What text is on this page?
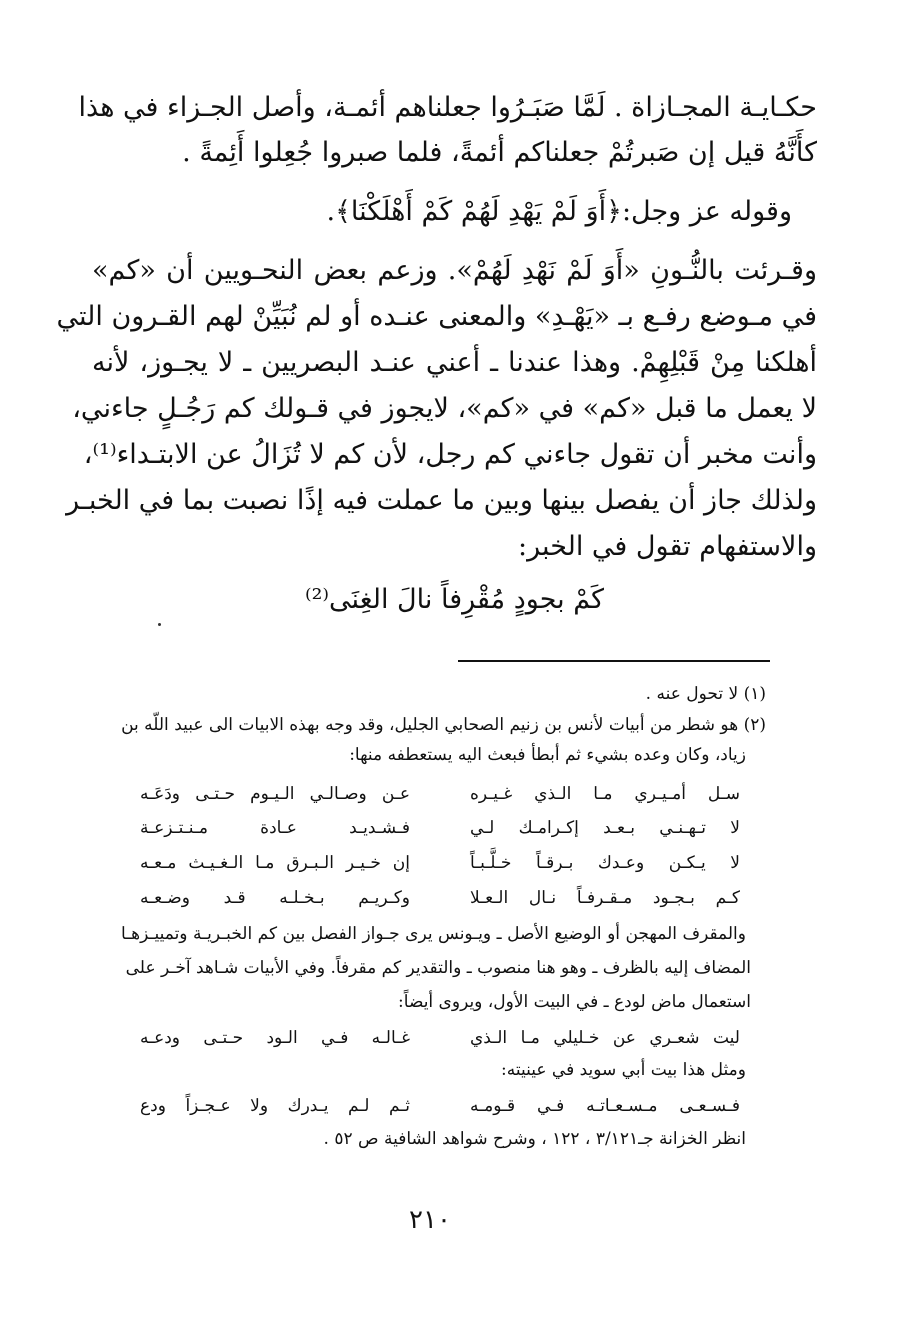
حكـايـة المجـازاة . لَمَّا صَبَـرُوا جعلناهم أئمـة، وأصل الجـزاء في هذا
كأَنَّهُ قيل إن صَبرتُمْ جعلناكم أئمةً، فلما صبروا جُعِلوا أَئِمةً .
وقوله عز وجل:﴿أَوَ لَمْ يَهْدِ لَهُمْ كَمْ أَهْلَكْنَا﴾.
وقـرئت بالنُّـونِ «أَوَ لَمْ نَهْدِ لَهُمْ». وزعم بعض النحـويين أن «كم»
في مـوضع رفـع بـ «يَهْـدِ» والمعنى عنـده أو لم نُبَيِّنْ لهم القـرون التي
أهلكنا مِنْ قَبْلِهِمْ. وهذا عندنا ـ أعني عنـد البصريين ـ لا يجـوز، لأنه
لا يعمل ما قبل «كم» في «كم»، لايجوز في قـولك كم رَجُـلٍ جاءني،
وأنت مخبر أن تقول جاءني كم رجل، لأن كم لا تُزَالُ عن الابتـداء⁽¹⁾،
ولذلك جاز أن يفصل بينها وبين ما عملت فيه إذًا نصبت بما في الخبـر
والاستفهام تقول في الخبر:
كَمْ بجودٍ مُقْرِفاً نالَ الغِنَى⁽²⁾
(١) لا تحول عنه .
(٢) هو شطر من أبيات لأنس بن زنيم الصحابي الجليل، وقد وجه بهذه الابيات الى عبيد اللّه بن
زياد، وكان وعده بشيء ثم أبطأ فبعث اليه يستعطفه منها:
سـل أمـيـري مـا الـذي غـيـره
عـن وصـالـي الـيـوم حـتـى ودَعَـه
لا تـهـنـي بـعـد إكـرامـك لـي
فـشـديـد عـادة مـنـتـزعـة
لا يـكـن وعـدك بـرقـاً خـلَّـبـاً
إن خـيـر الـبـرق مـا الـغـيـث مـعـه
كـم بـجـود مـقـرفـاً نـال الـعـلا
وكـريـم بـخـلـه قـد وضـعـه
والمقرف المهجن أو الوضيع الأصل ـ ويـونس يرى جـواز الفصل بين كم الخبـريـة وتمييـزهـا
المضاف إليه بالظرف ـ وهو هنا منصوب ـ والتقدير كم مقرفاً. وفي الأبيات شـاهد آخـر على
استعمال ماض لودع ـ في البيت الأول، ويروى أيضاً:
ليت شعـري عن خـليلي مـا الـذي
غـالـه فـي الـود حـتـى ودعـه
ومثل هذا بيت أبي سويد في عينيته:
فـسـعـى مـسـعـاتـه فـي قـومـه
ثـم لـم يـدرك ولا عـجـزاً ودع
انظر الخزانة جـ٣/١٢١ ، ١٢٢ ، وشرح شواهد الشافية ص ٥٢ .
٢١٠
